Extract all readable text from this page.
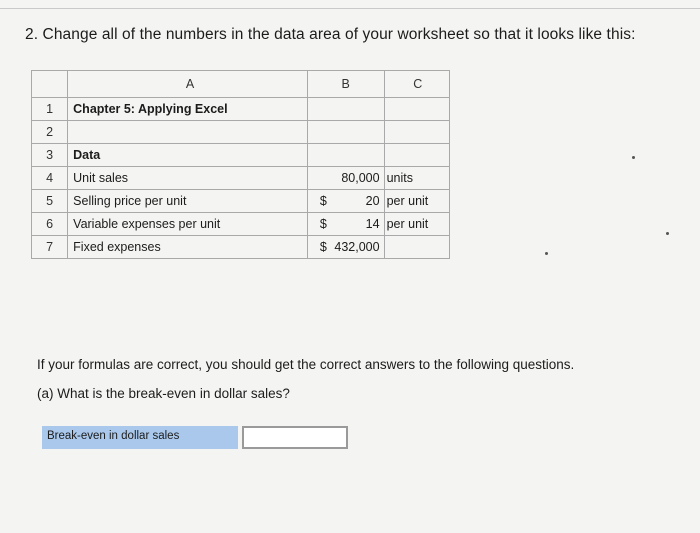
2. Change all of the numbers in the data area of your worksheet so that it looks like this:
	A	B	C
1	Chapter 5: Applying Excel	

2		

3	Data	

4	Unit sales	80,000	units
5	Selling price per unit	$ 20	per unit
6	Variable expenses per unit	$ 14	per unit
7	Fixed expenses	$ 432,000	

If your formulas are correct, you should get the correct answers to the following questions.
(a) What is the break-even in dollar sales?
Break-even in dollar sales
